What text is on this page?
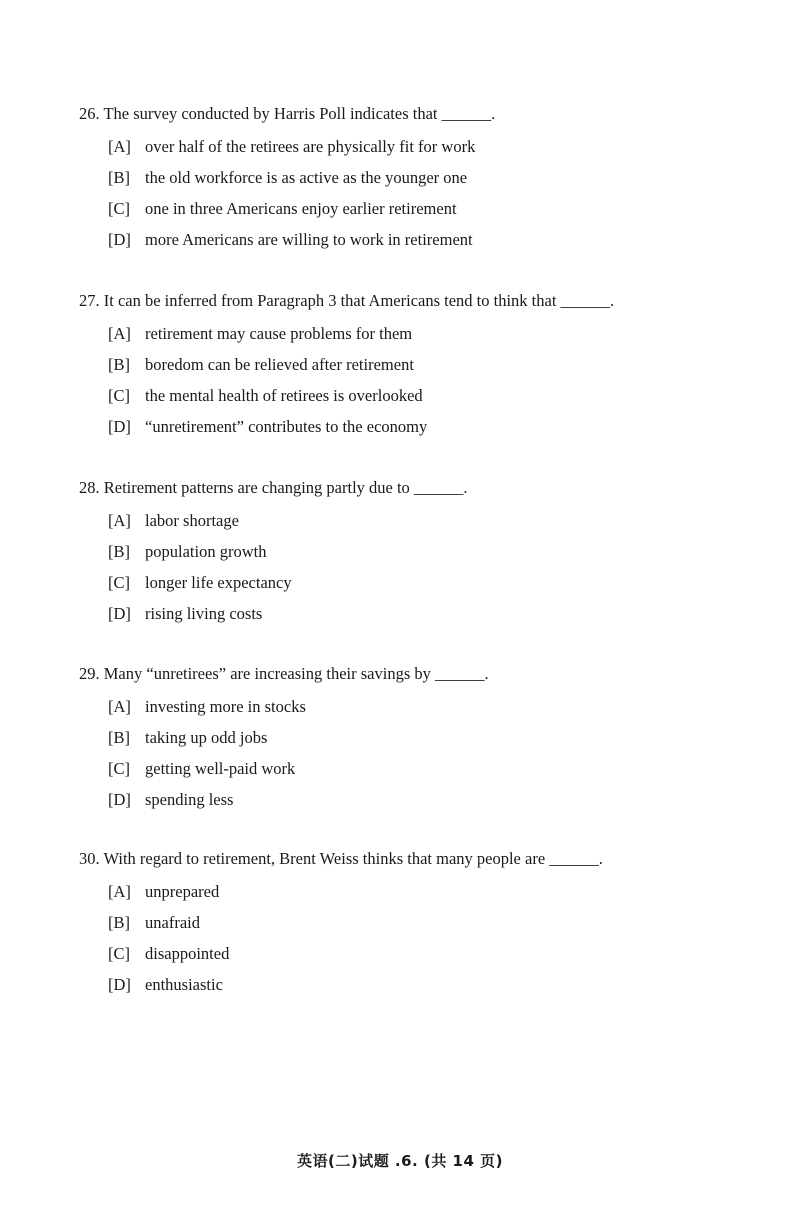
26. The survey conducted by Harris Poll indicates that ______.
[A] over half of the retirees are physically fit for work
[B] the old workforce is as active as the younger one
[C] one in three Americans enjoy earlier retirement
[D] more Americans are willing to work in retirement
27. It can be inferred from Paragraph 3 that Americans tend to think that ______.
[A] retirement may cause problems for them
[B] boredom can be relieved after retirement
[C] the mental health of retirees is overlooked
[D] “unretirement” contributes to the economy
28. Retirement patterns are changing partly due to ______.
[A] labor shortage
[B] population growth
[C] longer life expectancy
[D] rising living costs
29. Many “unretirees” are increasing their savings by ______.
[A] investing more in stocks
[B] taking up odd jobs
[C] getting well-paid work
[D] spending less
30. With regard to retirement, Brent Weiss thinks that many people are ______.
[A] unprepared
[B] unafraid
[C] disappointed
[D] enthusiastic
英语(二)试题 .6. (共 14 页)
